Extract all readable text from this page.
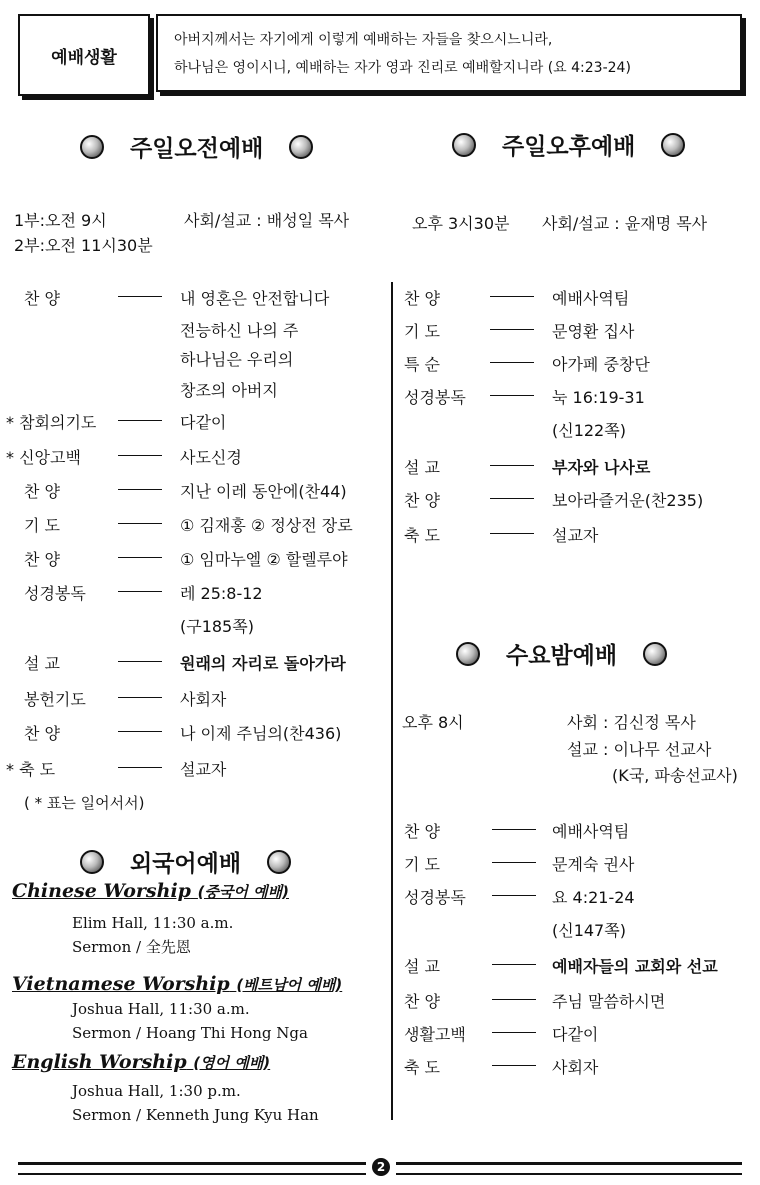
예배생활
아버지께서는 자기에게 이렇게 예배하는 자들을 찾으시느니라,
하나님은 영이시니, 예배하는 자가 영과 진리로 예배할지니라 (요 4:23-24)
주일오전예배
1부:오전 9시	사회/설교 : 배성일 목사
2부:오전 11시30분
찬 양	내 영혼은 안전합니다
전능하신 나의 주
하나님은 우리의
창조의 아버지
* 참회의기도	다같이
* 신앙고백	사도신경
찬 양	지난 이레 동안에(찬44)
기 도	① 김재홍 ② 정상전 장로
찬 양	① 임마누엘 ② 할렐루야
성경봉독	레 25:8-12
(구185쪽)
설 교	원래의 자리로 돌아가라
봉헌기도	사회자
찬 양	나 이제 주님의(찬436)
* 축 도	설교자
( * 표는 일어서서)
주일오후예배
오후 3시30분 사회/설교 : 윤재명 목사
찬 양	예배사역팀
기 도	문영환 집사
특 순	아가페 중창단
성경봉독	눅 16:19-31
(신122쪽)
설 교	부자와 나사로
찬 양	보아라즐거운(찬235)
축 도	설교자
수요밤예배
오후 8시	사회 : 김신정 목사
설교 : 이나무 선교사
(K국, 파송선교사)
찬 양	예배사역팀
기 도	문계숙 권사
성경봉독	요 4:21-24
(신147쪽)
설 교	예배자들의 교회와 선교
찬 양	주님 말씀하시면
생활고백	다같이
축 도	사회자
외국어예배
Chinese Worship (중국어 예배)
Elim Hall, 11:30 a.m.
Sermon / 全先恩
Vietnamese Worship (베트남어 예배)
Joshua Hall, 11:30 a.m.
Sermon / Hoang Thi Hong Nga
English Worship (영어 예배)
Joshua Hall, 1:30 p.m.
Sermon / Kenneth Jung Kyu Han
2
